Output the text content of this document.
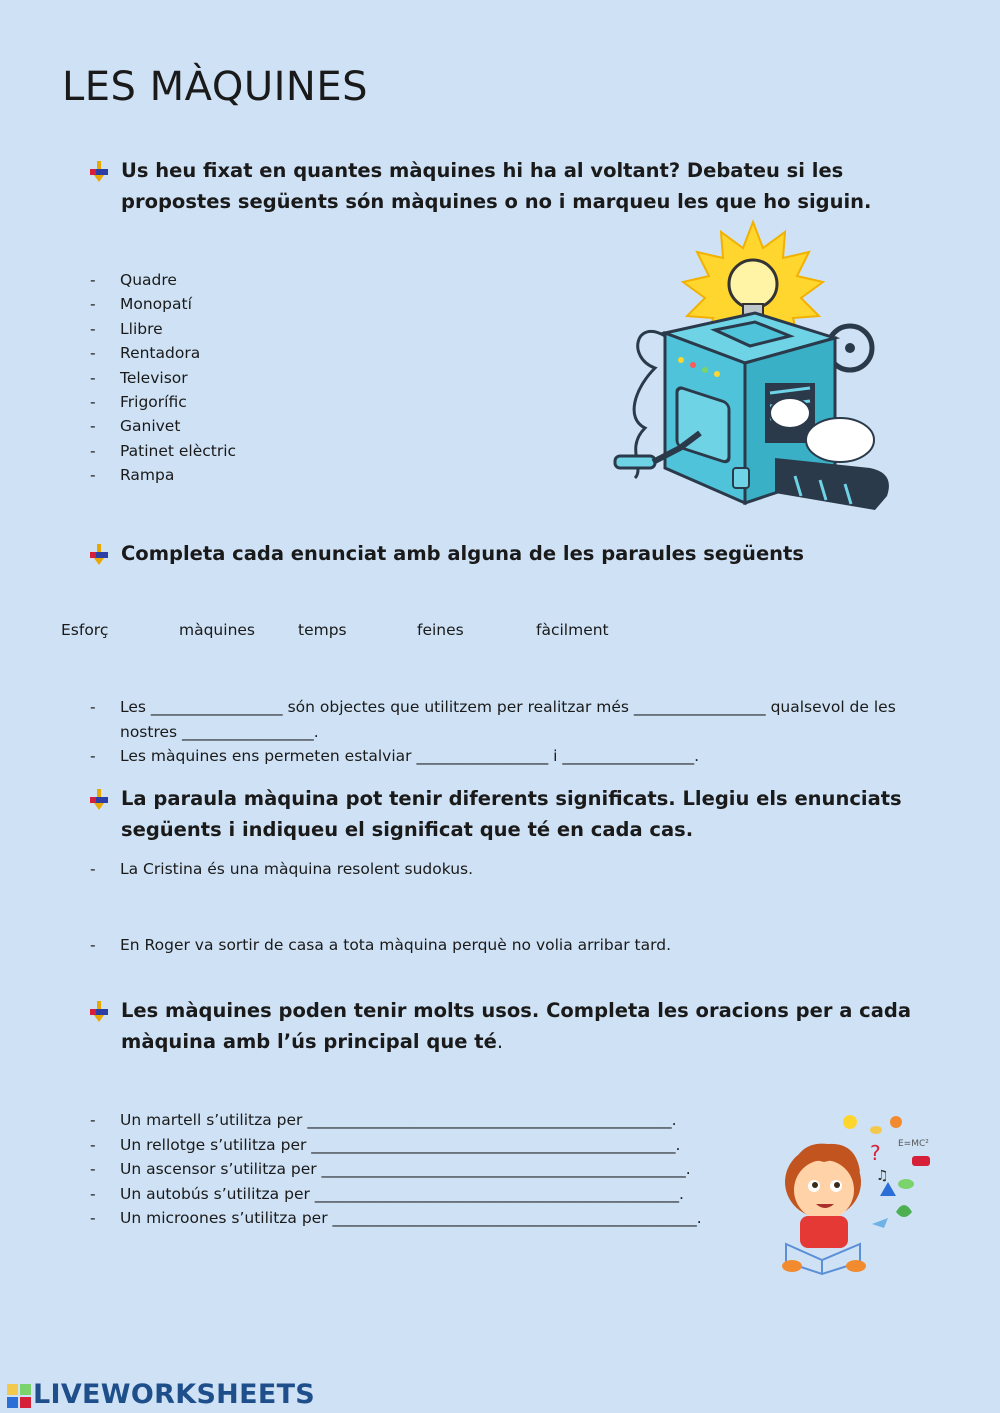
LES MÀQUINES
Us heu fixat en quantes màquines hi ha al voltant? Debateu si les propostes següents són màquines o no i marqueu les que ho siguin.
- Quadre
- Monopatí
- Llibre
- Rentadora
- Televisor
- Frigorífic
- Ganivet
- Patinet elèctric
- Rampa
Completa cada enunciat amb alguna de les paraules següents
Esforç	màquines	temps	feines	fàcilment
- Les _________________ són objectes que utilitzem per realitzar més _________________ qualsevol de les nostres _________________.
- Les màquines ens permeten estalviar _________________ i _________________.
La paraula màquina pot tenir diferents significats. Llegiu els enunciats següents i indiqueu el significat que té en cada cas.
- La Cristina és una màquina resolent sudokus.
- En Roger va sortir de casa a tota màquina perquè no volia arribar tard.
Les màquines poden tenir molts usos. Completa les oracions per a cada màquina amb l’ús principal que té.
- Un martell s’utilitza per _______________________________________________.
- Un rellotge s’utilitza per _______________________________________________.
- Un ascensor s’utilitza per _______________________________________________.
- Un autobús s’utilitza per _______________________________________________.
- Un microones s’utilitza per _______________________________________________.
? E=MC²
♫
LIVEWORKSHEETS
